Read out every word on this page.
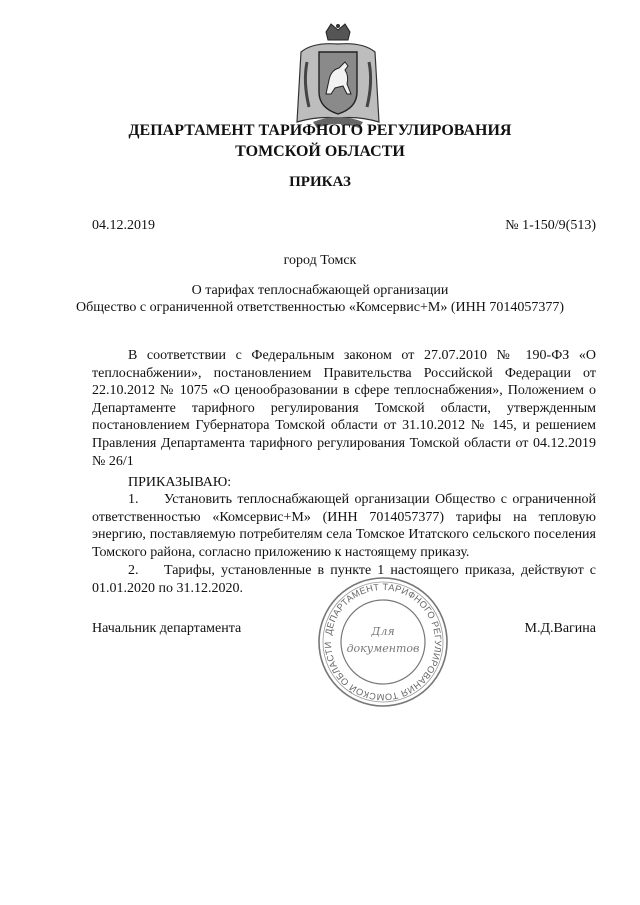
ДЕПАРТАМЕНТ ТАРИФНОГО РЕГУЛИРОВАНИЯ
ТОМСКОЙ ОБЛАСТИ
ПРИКАЗ
04.12.2019	№ 1-150/9(513)
город Томск
О тарифах теплоснабжающей организации
Общество с ограниченной ответственностью «Комсервис+М» (ИНН 7014057377)
В соответствии с Федеральным законом от 27.07.2010 № 190-ФЗ «О теплоснабжении», постановлением Правительства Российской Федерации от 22.10.2012 № 1075 «О ценообразовании в сфере теплоснабжения», Положением о Департаменте тарифного регулирования Томской области, утвержденным постановлением Губернатора Томской области от 31.10.2012 № 145, и решением Правления Департамента тарифного регулирования Томской области от 04.12.2019 № 26/1
ПРИКАЗЫВАЮ:
1. Установить теплоснабжающей организации Общество с ограниченной ответственностью «Комсервис+М» (ИНН 7014057377) тарифы на тепловую энергию, поставляемую потребителям села Томское Итатского сельского поселения Томского района, согласно приложению к настоящему приказу.
2. Тарифы, установленные в пункте 1 настоящего приказа, действуют с 01.01.2020 по 31.12.2020.
Начальник департамента	М.Д.Вагина
ДЕПАРТАМЕНТ ТАРИФНОГО РЕГУЛИРОВАНИЯ ТОМСКОЙ ОБЛАСТИ
Для
документов
